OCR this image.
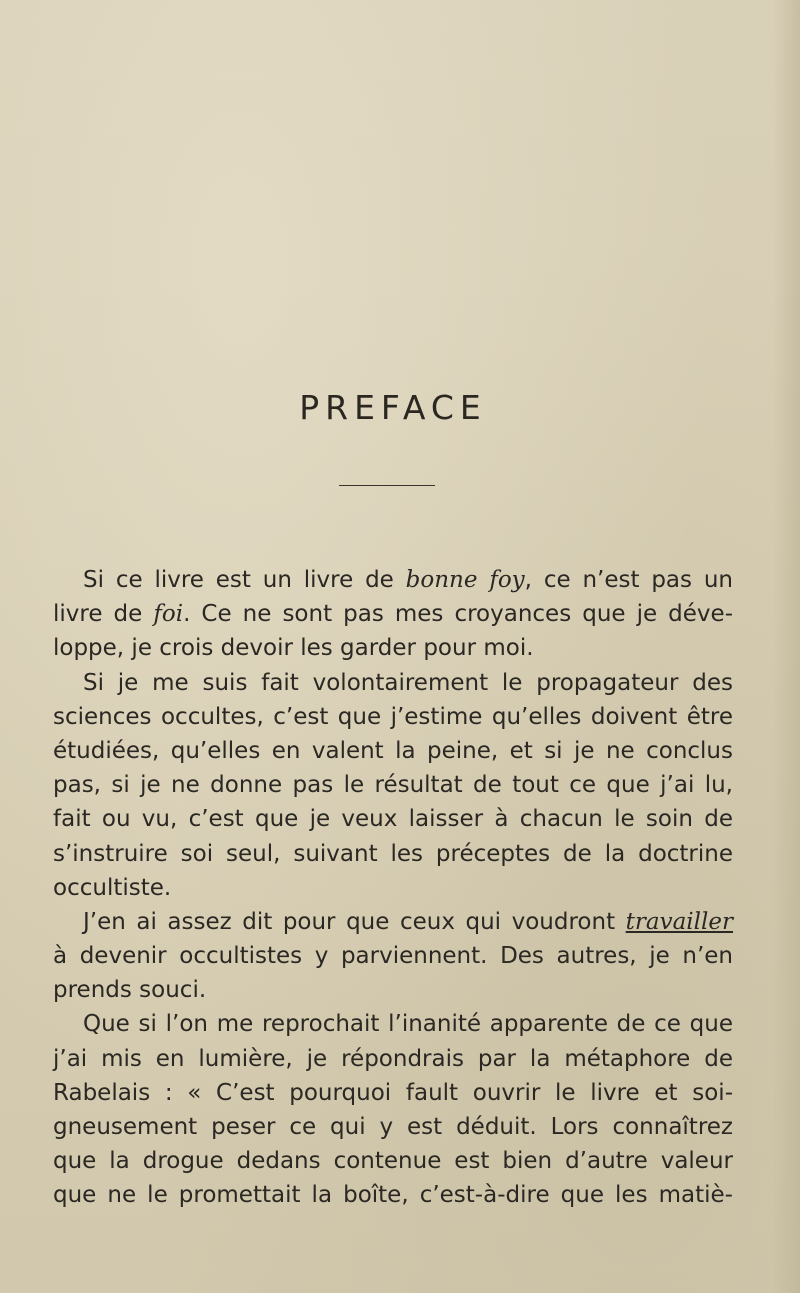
PREFACE
Si ce livre est un livre de bonne foy, ce n’est pas un
livre de foi. Ce ne sont pas mes croyances que je déve-
loppe, je crois devoir les garder pour moi.
Si je me suis fait volontairement le propagateur des
sciences occultes, c’est que j’estime qu’elles doivent être
étudiées, qu’elles en valent la peine, et si je ne conclus
pas, si je ne donne pas le résultat de tout ce que j’ai lu,
fait ou vu, c’est que je veux laisser à chacun le soin de
s’instruire soi seul, suivant les préceptes de la doctrine
occultiste.
J’en ai assez dit pour que ceux qui voudront travailler
à devenir occultistes y parviennent. Des autres, je n’en
prends souci.
Que si l’on me reprochait l’inanité apparente de ce que
j’ai mis en lumière, je répondrais par la métaphore de
Rabelais : « C’est pourquoi fault ouvrir le livre et soi-
gneusement peser ce qui y est déduit. Lors connaîtrez
que la drogue dedans contenue est bien d’autre valeur
que ne le promettait la boîte, c’est-à-dire que les matiè-
